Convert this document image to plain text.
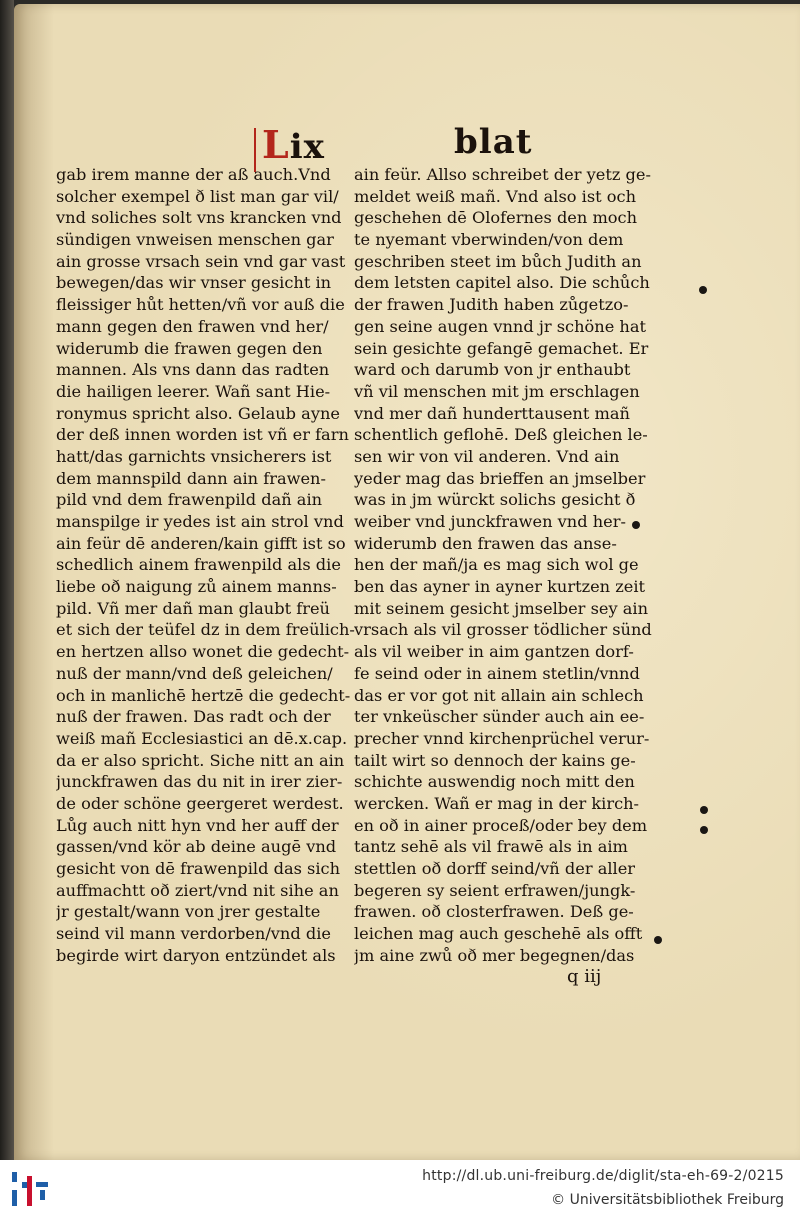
Lix	blat
gab irem manne der aß auch.Vnd
solcher exempel ð list man gar vil/
vnd soliches solt vns krancken vnd
sündigen vnweisen menschen gar
ain grosse vrsach sein vnd gar vast
bewegen/das wir vnser gesicht in
fleissiger hůt hetten/vñ vor auß die
mann gegen den frawen vnd her/
widerumb die frawen gegen den
mannen. Als vns dann das radten
die hailigen leerer. Wañ sant Hie-
ronymus spricht also. Gelaub ayne
der deß innen worden ist vñ er farn
hatt/das garnichts vnsicherers ist
dem mannspild dann ain frawen-
pild vnd dem frawenpild dañ ain
manspilge ir yedes ist ain strol vnd
ain feür dē anderen/kain gifft ist so
schedlich ainem frawenpild als die
liebe oð naigung zů ainem manns-
pild. Vñ mer dañ man glaubt freü
et sich der teüfel dz in dem freülich-
en hertzen allso wonet die gedecht-
nuß der mann/vnd deß geleichen/
och in manlichē hertzē die gedecht-
nuß der frawen. Das radt och der
weiß mañ Ecclesiastici an dē.x.cap.
da er also spricht. Siche nitt an ain
junckfrawen das du nit in irer zier-
de oder schöne geergeret werdest.
Lůg auch nitt hyn vnd her auff der
gassen/vnd kör ab deine augē vnd
gesicht von dē frawenpild das sich
auffmachtt oð ziert/vnd nit sihe an
jr gestalt/wann von jrer gestalte
seind vil mann verdorben/vnd die
begirde wirt daryon entzündet als
ain feür. Allso schreibet der yetz ge-
meldet weiß mañ. Vnd also ist och
geschehen dē Olofernes den moch
te nyemant vberwinden/von dem
geschriben steet im bůch Judith an
dem letsten capitel also. Die schůch
der frawen Judith haben zůgetzo-
gen seine augen vnnd jr schöne hat
sein gesichte gefangē gemachet. Er
ward och darumb von jr enthaubt
vñ vil menschen mit jm erschlagen
vnd mer dañ hunderttausent mañ
schentlich geflohē. Deß gleichen le-
sen wir von vil anderen. Vnd ain
yeder mag das brieffen an jmselber
was in jm würckt solichs gesicht ð
weiber vnd junckfrawen vnd her-
widerumb den frawen das anse-
hen der mañ/ja es mag sich wol ge
ben das ayner in ayner kurtzen zeit
mit seinem gesicht jmselber sey ain
vrsach als vil grosser tödlicher sünd
als vil weiber in aim gantzen dorf-
fe seind oder in ainem stetlin/vnnd
das er vor got nit allain ain schlech
ter vnkeüscher sünder auch ain ee-
precher vnnd kirchenprüchel verur-
tailt wirt so dennoch der kains ge-
schichte auswendig noch mitt den
wercken. Wañ er mag in der kirch-
en oð in ainer proceß/oder bey dem
tantz sehē als vil frawē als in aim
stettlen oð dorff seind/vñ der aller
begeren sy seient erfrawen/jungk-
frawen. oð closterfrawen. Deß ge-
leichen mag auch geschehē als offt
jm aine zwů oð mer begegnen/das
q iij
http://dl.ub.uni-freiburg.de/diglit/sta-eh-69-2/0215
© Universitätsbibliothek Freiburg
